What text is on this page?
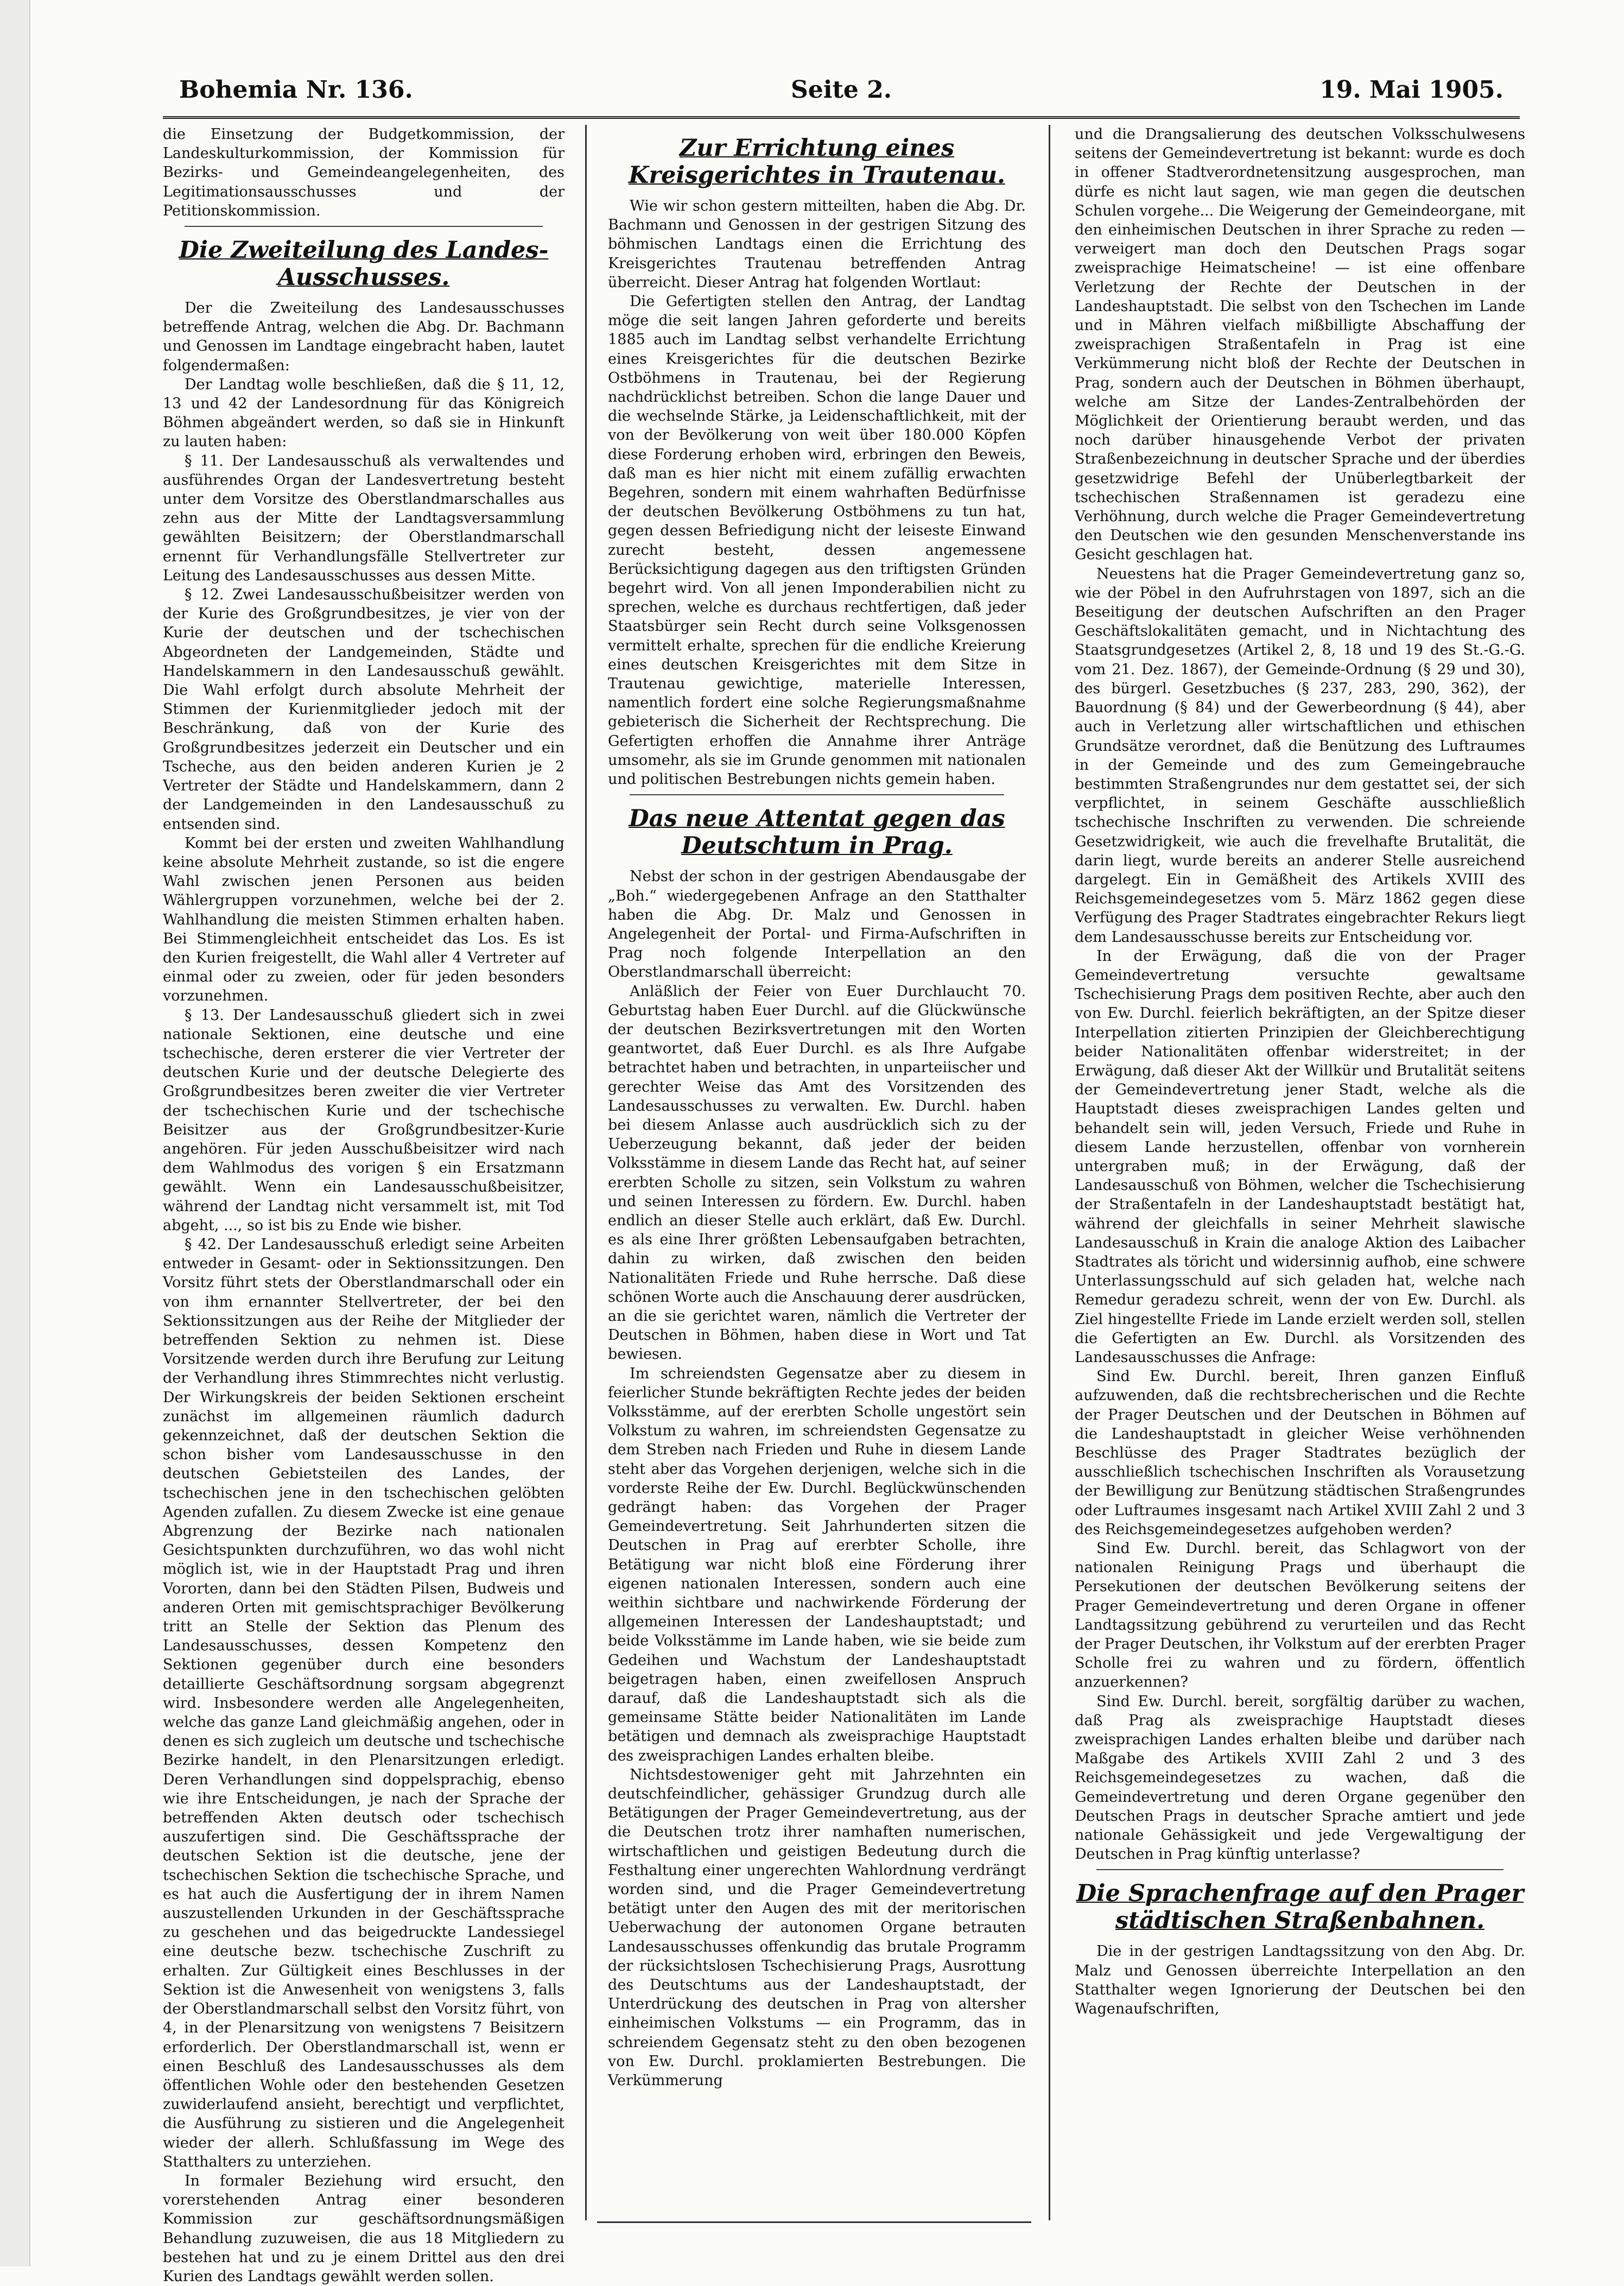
Bohemia Nr. 136.	Seite 2.	19. Mai 1905.

die Einsetzung der Budgetkommission, der Landeskulturkommission, der Kommission für Bezirks- und Gemeindeangelegenheiten, des Legitimationsausschusses und der Petitionskommission.

Die Zweiteilung des Landes-Ausschusses.

Der die Zweiteilung des Landesausschusses betreffende Antrag, welchen die Abg. Dr. Bachmann und Genossen im Landtage eingebracht haben, lautet folgendermaßen:

Der Landtag wolle beschließen, daß die § 11, 12, 13 und 42 der Landesordnung für das Königreich Böhmen abgeändert werden, so daß sie in Hinkunft zu lauten haben:

§ 11. Der Landesausschuß als verwaltendes und ausführendes Organ der Landesvertretung besteht unter dem Vorsitze des Oberstlandmarschalles aus zehn aus der Mitte der Landtagsversammlung gewählten Beisitzern; der Oberstlandmarschall ernennt für Verhandlungsfälle Stellvertreter zur Leitung des Landesausschusses aus dessen Mitte.

§ 12. Zwei Landesausschußbeisitzer werden von der Kurie des Großgrundbesitzes, je vier von der Kurie der deutschen und der tschechischen Abgeordneten der Landgemeinden, Städte und Handelskammern in den Landesausschuß gewählt. Die Wahl erfolgt durch absolute Mehrheit der Stimmen der Kurienmitglieder jedoch mit der Beschränkung, daß von der Kurie des Großgrundbesitzes jederzeit ein Deutscher und ein Tscheche, aus den beiden anderen Kurien je 2 Vertreter der Städte und Handelskammern, dann 2 der Landgemeinden in den Landesausschuß zu entsenden sind.

Kommt bei der ersten und zweiten Wahlhandlung keine absolute Mehrheit zustande, so ist die engere Wahl zwischen jenen Personen aus beiden Wählergruppen vorzunehmen, welche bei der 2. Wahlhandlung die meisten Stimmen erhalten haben. Bei Stimmengleichheit entscheidet das Los. Es ist den Kurien freigestellt, die Wahl aller 4 Vertreter auf einmal oder zu zweien, oder für jeden besonders vorzunehmen.

§ 13. Der Landesausschuß gliedert sich in zwei nationale Sektionen, eine deutsche und eine tschechische, deren ersterer die vier Vertreter der deutschen Kurie und der deutsche Delegierte des Großgrundbesitzes beren zweiter die vier Vertreter der tschechischen Kurie und der tschechische Beisitzer aus der Großgrundbesitzer-Kurie angehören. Für jeden Ausschußbeisitzer wird nach dem Wahlmodus des vorigen § ein Ersatzmann gewählt. Wenn ein Landesausschußbeisitzer, während der Landtag nicht versammelt ist, mit Tod abgeht, ..., so ist bis zu Ende wie bisher.

§ 42. Der Landesausschuß erledigt seine Arbeiten entweder in Gesamt- oder in Sektionssitzungen. Den Vorsitz führt stets der Oberstlandmarschall oder ein von ihm ernannter Stellvertreter, der bei den Sektionssitzungen aus der Reihe der Mitglieder der betreffenden Sektion zu nehmen ist. Diese Vorsitzende werden durch ihre Berufung zur Leitung der Verhandlung ihres Stimmrechtes nicht verlustig. Der Wirkungskreis der beiden Sektionen erscheint zunächst im allgemeinen räumlich dadurch gekennzeichnet, daß der deutschen Sektion die schon bisher vom Landesausschusse in den deutschen Gebietsteilen des Landes, der tschechischen jene in den tschechischen gelöbten Agenden zufallen. Zu diesem Zwecke ist eine genaue Abgrenzung der Bezirke nach nationalen Gesichtspunkten durchzuführen, wo das wohl nicht möglich ist, wie in der Hauptstadt Prag und ihren Vororten, dann bei den Städten Pilsen, Budweis und anderen Orten mit gemischtsprachiger Bevölkerung tritt an Stelle der Sektion das Plenum des Landesausschusses, dessen Kompetenz den Sektionen gegenüber durch eine besonders detaillierte Geschäftsordnung sorgsam abgegrenzt wird. Insbesondere werden alle Angelegenheiten, welche das ganze Land gleichmäßig angehen, oder in denen es sich zugleich um deutsche und tschechische Bezirke handelt, in den Plenarsitzungen erledigt. Deren Verhandlungen sind doppelsprachig, ebenso wie ihre Entscheidungen, je nach der Sprache der betreffenden Akten deutsch oder tschechisch auszufertigen sind. Die Geschäftssprache der deutschen Sektion ist die deutsche, jene der tschechischen Sektion die tschechische Sprache, und es hat auch die Ausfertigung der in ihrem Namen auszustellenden Urkunden in der Geschäftssprache zu geschehen und das beigedruckte Landessiegel eine deutsche bezw. tschechische Zuschrift zu erhalten. Zur Gültigkeit eines Beschlusses in der Sektion ist die Anwesenheit von wenigstens 3, falls der Oberstlandmarschall selbst den Vorsitz führt, von 4, in der Plenarsitzung von wenigstens 7 Beisitzern erforderlich. Der Oberstlandmarschall ist, wenn er einen Beschluß des Landesausschusses als dem öffentlichen Wohle oder den bestehenden Gesetzen zuwiderlaufend ansieht, berechtigt und verpflichtet, die Ausführung zu sistieren und die Angelegenheit wieder der allerh. Schlußfassung im Wege des Statthalters zu unterziehen.

In formaler Beziehung wird ersucht, den vorerstehenden Antrag einer besonderen Kommission zur geschäftsordnungsmäßigen Behandlung zuzuweisen, die aus 18 Mitgliedern zu bestehen hat und zu je einem Drittel aus den drei Kurien des Landtags gewählt werden sollen.

Zur Errichtung eines Kreisgerichtes in Trautenau.

Wie wir schon gestern mitteilten, haben die Abg. Dr. Bachmann und Genossen in der gestrigen Sitzung des böhmischen Landtags einen die Errichtung des Kreisgerichtes Trautenau betreffenden Antrag überreicht. Dieser Antrag hat folgenden Wortlaut:

Die Gefertigten stellen den Antrag, der Landtag möge die seit langen Jahren geforderte und bereits 1885 auch im Landtag selbst verhandelte Errichtung eines Kreisgerichtes für die deutschen Bezirke Ostböhmens in Trautenau, bei der Regierung nachdrücklichst betreiben. Schon die lange Dauer und die wechselnde Stärke, ja Leidenschaftlichkeit, mit der von der Bevölkerung von weit über 180.000 Köpfen diese Forderung erhoben wird, erbringen den Beweis, daß man es hier nicht mit einem zufällig erwachten Begehren, sondern mit einem wahrhaften Bedürfnisse der deutschen Bevölkerung Ostböhmens zu tun hat, gegen dessen Befriedigung nicht der leiseste Einwand zurecht besteht, dessen angemessene Berücksichtigung dagegen aus den triftigsten Gründen begehrt wird. Von all jenen Imponderabilien nicht zu sprechen, welche es durchaus rechtfertigen, daß jeder Staatsbürger sein Recht durch seine Volksgenossen vermittelt erhalte, sprechen für die endliche Kreierung eines deutschen Kreisgerichtes mit dem Sitze in Trautenau gewichtige, materielle Interessen, namentlich fordert eine solche Regierungsmaßnahme gebieterisch die Sicherheit der Rechtsprechung. Die Gefertigten erhoffen die Annahme ihrer Anträge umsomehr, als sie im Grunde genommen mit nationalen und politischen Bestrebungen nichts gemein haben.

Das neue Attentat gegen das Deutschtum in Prag.

Nebst der schon in der gestrigen Abendausgabe der „Boh.“ wiedergegebenen Anfrage an den Statthalter haben die Abg. Dr. Malz und Genossen in Angelegenheit der Portal- und Firma-Aufschriften in Prag noch folgende Interpellation an den Oberstlandmarschall überreicht:

Anläßlich der Feier von Euer Durchlaucht 70. Geburtstag haben Euer Durchl. auf die Glückwünsche der deutschen Bezirksvertretungen mit den Worten geantwortet, daß Euer Durchl. es als Ihre Aufgabe betrachtet haben und betrachten, in unparteiischer und gerechter Weise das Amt des Vorsitzenden des Landesausschusses zu verwalten. Ew. Durchl. haben bei diesem Anlasse auch ausdrücklich sich zu der Ueberzeugung bekannt, daß jeder der beiden Volksstämme in diesem Lande das Recht hat, auf seiner ererbten Scholle zu sitzen, sein Volkstum zu wahren und seinen Interessen zu fördern. Ew. Durchl. haben endlich an dieser Stelle auch erklärt, daß Ew. Durchl. es als eine Ihrer größten Lebensaufgaben betrachten, dahin zu wirken, daß zwischen den beiden Nationalitäten Friede und Ruhe herrsche. Daß diese schönen Worte auch die Anschauung derer ausdrücken, an die sie gerichtet waren, nämlich die Vertreter der Deutschen in Böhmen, haben diese in Wort und Tat bewiesen.

Im schreiendsten Gegensatze aber zu diesem in feierlicher Stunde bekräftigten Rechte jedes der beiden Volksstämme, auf der ererbten Scholle ungestört sein Volkstum zu wahren, im schreiendsten Gegensatze zu dem Streben nach Frieden und Ruhe in diesem Lande steht aber das Vorgehen derjenigen, welche sich in die vorderste Reihe der Ew. Durchl. Beglückwünschenden gedrängt haben: das Vorgehen der Prager Gemeindevertretung. Seit Jahrhunderten sitzen die Deutschen in Prag auf ererbter Scholle, ihre Betätigung war nicht bloß eine Förderung ihrer eigenen nationalen Interessen, sondern auch eine weithin sichtbare und nachwirkende Förderung der allgemeinen Interessen der Landeshauptstadt; und beide Volksstämme im Lande haben, wie sie beide zum Gedeihen und Wachstum der Landeshauptstadt beigetragen haben, einen zweifellosen Anspruch darauf, daß die Landeshauptstadt sich als die gemeinsame Stätte beider Nationalitäten im Lande betätigen und demnach als zweisprachige Hauptstadt des zweisprachigen Landes erhalten bleibe.

Nichtsdestoweniger geht mit Jahrzehnten ein deutschfeindlicher, gehässiger Grundzug durch alle Betätigungen der Prager Gemeindevertretung, aus der die Deutschen trotz ihrer namhaften numerischen, wirtschaftlichen und geistigen Bedeutung durch die Festhaltung einer ungerechten Wahlordnung verdrängt worden sind, und die Prager Gemeindevertretung betätigt unter den Augen des mit der meritorischen Ueberwachung der autonomen Organe betrauten Landesausschusses offenkundig das brutale Programm der rücksichtslosen Tschechisierung Prags, Ausrottung des Deutschtums aus der Landeshauptstadt, der Unterdrückung des deutschen in Prag von altersher einheimischen Volkstums — ein Programm, das in schreiendem Gegensatz steht zu den oben bezogenen von Ew. Durchl. proklamierten Bestrebungen. Die Verkümmerung

und die Drangsalierung des deutschen Volksschulwesens seitens der Gemeindevertretung ist bekannt: wurde es doch in offener Stadtverordnetensitzung ausgesprochen, man dürfe es nicht laut sagen, wie man gegen die deutschen Schulen vorgehe... Die Weigerung der Gemeindeorgane, mit den einheimischen Deutschen in ihrer Sprache zu reden — verweigert man doch den Deutschen Prags sogar zweisprachige Heimatscheine! — ist eine offenbare Verletzung der Rechte der Deutschen in der Landeshauptstadt. Die selbst von den Tschechen im Lande und in Mähren vielfach mißbilligte Abschaffung der zweisprachigen Straßentafeln in Prag ist eine Verkümmerung nicht bloß der Rechte der Deutschen in Prag, sondern auch der Deutschen in Böhmen überhaupt, welche am Sitze der Landes-Zentralbehörden der Möglichkeit der Orientierung beraubt werden, und das noch darüber hinausgehende Verbot der privaten Straßenbezeichnung in deutscher Sprache und der überdies gesetzwidrige Befehl der Unüberlegtbarkeit der tschechischen Straßennamen ist geradezu eine Verhöhnung, durch welche die Prager Gemeindevertretung den Deutschen wie den gesunden Menschenverstande ins Gesicht geschlagen hat.

Neuestens hat die Prager Gemeindevertretung ganz so, wie der Pöbel in den Aufruhrstagen von 1897, sich an die Beseitigung der deutschen Aufschriften an den Prager Geschäftslokalitäten gemacht, und in Nichtachtung des Staatsgrundgesetzes (Artikel 2, 8, 18 und 19 des St.-G.-G. vom 21. Dez. 1867), der Gemeinde-Ordnung (§ 29 und 30), des bürgerl. Gesetzbuches (§ 237, 283, 290, 362), der Bauordnung (§ 84) und der Gewerbeordnung (§ 44), aber auch in Verletzung aller wirtschaftlichen und ethischen Grundsätze verordnet, daß die Benützung des Luftraumes in der Gemeinde und des zum Gemeingebrauche bestimmten Straßengrundes nur dem gestattet sei, der sich verpflichtet, in seinem Geschäfte ausschließlich tschechische Inschriften zu verwenden. Die schreiende Gesetzwidrigkeit, wie auch die frevelhafte Brutalität, die darin liegt, wurde bereits an anderer Stelle ausreichend dargelegt. Ein in Gemäßheit des Artikels XVIII des Reichsgemeindegesetzes vom 5. März 1862 gegen diese Verfügung des Prager Stadtrates eingebrachter Rekurs liegt dem Landesausschusse bereits zur Entscheidung vor.

In der Erwägung, daß die von der Prager Gemeindevertretung versuchte gewaltsame Tschechisierung Prags dem positiven Rechte, aber auch den von Ew. Durchl. feierlich bekräftigten, an der Spitze dieser Interpellation zitierten Prinzipien der Gleichberechtigung beider Nationalitäten offenbar widerstreitet; in der Erwägung, daß dieser Akt der Willkür und Brutalität seitens der Gemeindevertretung jener Stadt, welche als die Hauptstadt dieses zweisprachigen Landes gelten und behandelt sein will, jeden Versuch, Friede und Ruhe in diesem Lande herzustellen, offenbar von vornherein untergraben muß; in der Erwägung, daß der Landesausschuß von Böhmen, welcher die Tschechisierung der Straßentafeln in der Landeshauptstadt bestätigt hat, während der gleichfalls in seiner Mehrheit slawische Landesausschuß in Krain die analoge Aktion des Laibacher Stadtrates als töricht und widersinnig aufhob, eine schwere Unterlassungsschuld auf sich geladen hat, welche nach Remedur geradezu schreit, wenn der von Ew. Durchl. als Ziel hingestellte Friede im Lande erzielt werden soll, stellen die Gefertigten an Ew. Durchl. als Vorsitzenden des Landesausschusses die Anfrage:

Sind Ew. Durchl. bereit, Ihren ganzen Einfluß aufzuwenden, daß die rechtsbrecherischen und die Rechte der Prager Deutschen und der Deutschen in Böhmen auf die Landeshauptstadt in gleicher Weise verhöhnenden Beschlüsse des Prager Stadtrates bezüglich der ausschließlich tschechischen Inschriften als Vorausetzung der Bewilligung zur Benützung städtischen Straßengrundes oder Luftraumes insgesamt nach Artikel XVIII Zahl 2 und 3 des Reichsgemeindegesetzes aufgehoben werden?

Sind Ew. Durchl. bereit, das Schlagwort von der nationalen Reinigung Prags und überhaupt die Persekutionen der deutschen Bevölkerung seitens der Prager Gemeindevertretung und deren Organe in offener Landtagssitzung gebührend zu verurteilen und das Recht der Prager Deutschen, ihr Volkstum auf der ererbten Prager Scholle frei zu wahren und zu fördern, öffentlich anzuerkennen?

Sind Ew. Durchl. bereit, sorgfältig darüber zu wachen, daß Prag als zweisprachige Hauptstadt dieses zweisprachigen Landes erhalten bleibe und darüber nach Maßgabe des Artikels XVIII Zahl 2 und 3 des Reichsgemeindegesetzes zu wachen, daß die Gemeindevertretung und deren Organe gegenüber den Deutschen Prags in deutscher Sprache amtiert und jede nationale Gehässigkeit und jede Vergewaltigung der Deutschen in Prag künftig unterlasse?

Die Sprachenfrage auf den Prager städtischen Straßenbahnen.

Die in der gestrigen Landtagssitzung von den Abg. Dr. Malz und Genossen überreichte Interpellation an den Statthalter wegen Ignorierung der Deutschen bei den Wagenaufschriften,
